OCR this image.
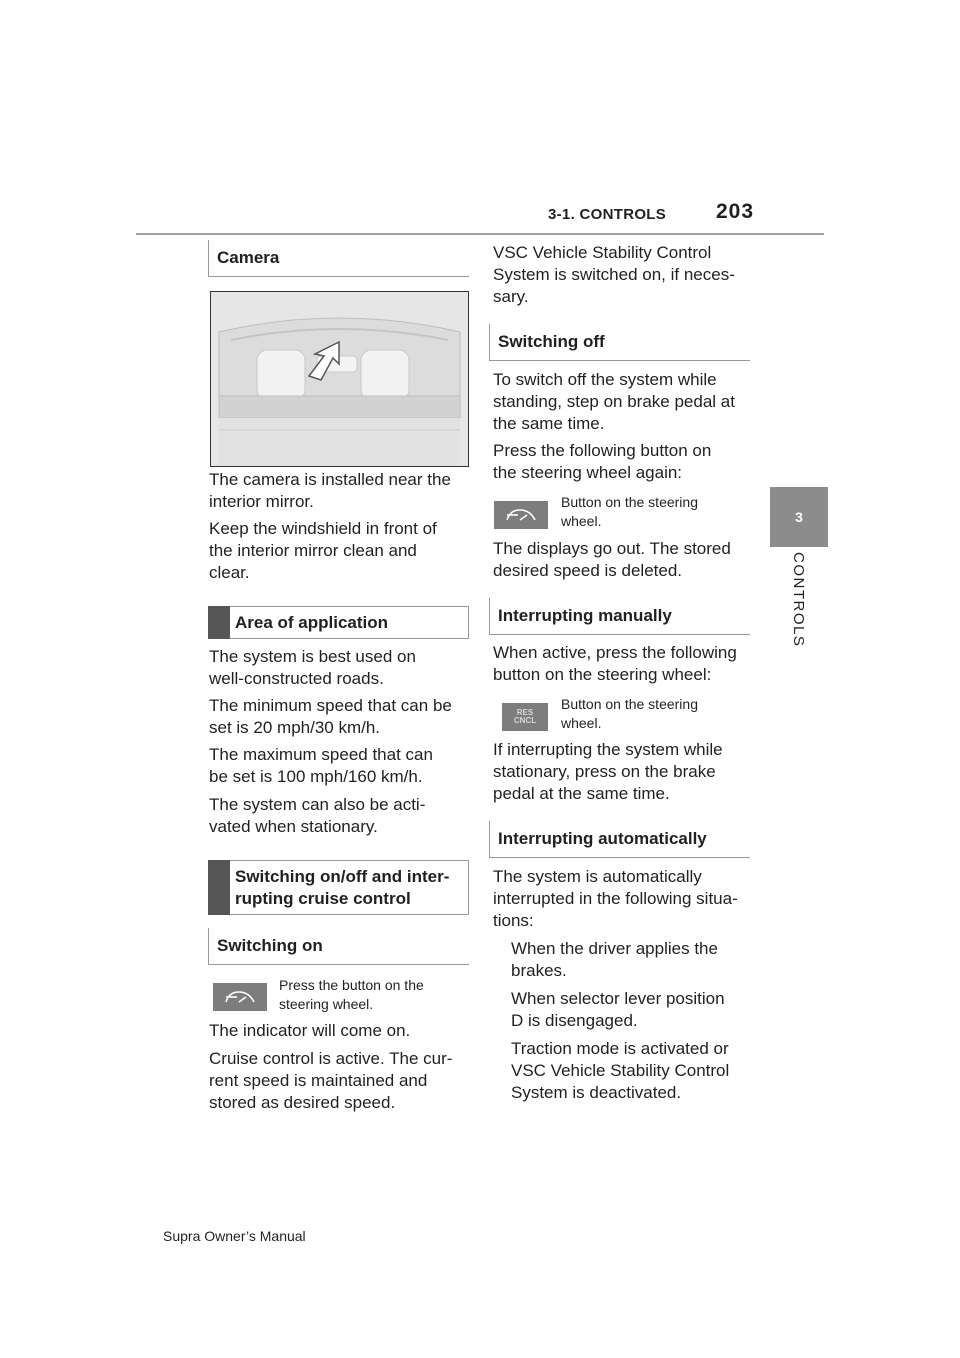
3-1. CONTROLS 203
3
CONTROLS
Camera
The camera is installed near the
interior mirror.
Keep the windshield in front of
the interior mirror clean and
clear.
Area of application
The system is best used on
well-constructed roads.
The minimum speed that can be
set is 20 mph/30 km/h.
The maximum speed that can
be set is 100 mph/160 km/h.
The system can also be acti-
vated when stationary.
Switching on/off and inter-
rupting cruise control
Switching on
Press the button on the
steering wheel.
The indicator will come on.
Cruise control is active. The cur-
rent speed is maintained and
stored as desired speed.
VSC Vehicle Stability Control
System is switched on, if neces-
sary.
Switching off
To switch off the system while
standing, step on brake pedal at
the same time.
Press the following button on
the steering wheel again:
Button on the steering
wheel.
The displays go out. The stored
desired speed is deleted.
Interrupting manually
When active, press the following
button on the steering wheel:
RES
CNCL
Button on the steering
wheel.
If interrupting the system while
stationary, press on the brake
pedal at the same time.
Interrupting automatically
The system is automatically
interrupted in the following situa-
tions:
When the driver applies the
brakes.
When selector lever position
D is disengaged.
Traction mode is activated or
VSC Vehicle Stability Control
System is deactivated.
Supra Owner’s Manual
